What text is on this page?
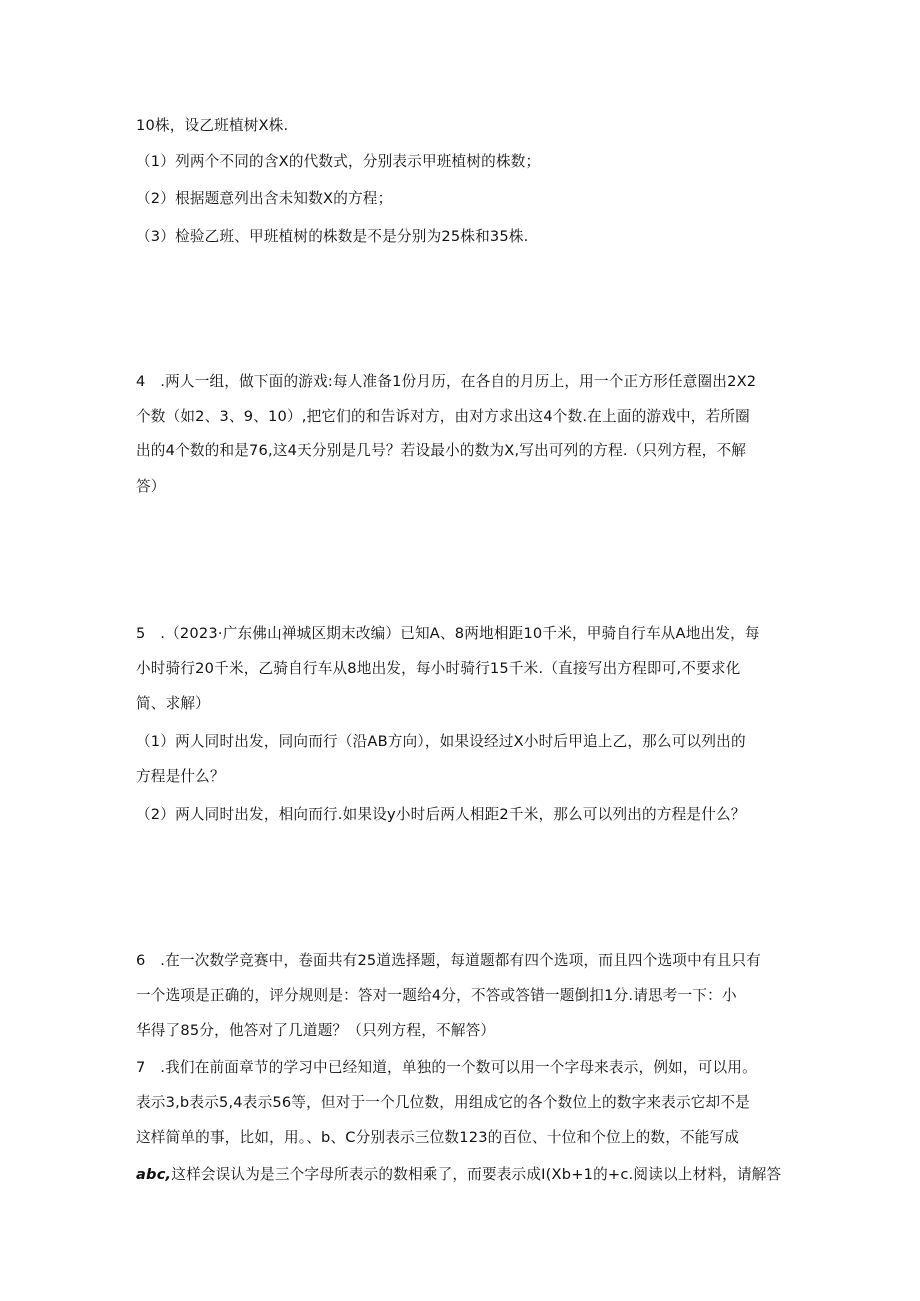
10株，设乙班植树X株.
（1）列两个不同的含X的代数式，分别表示甲班植树的株数；
（2）根据题意列出含未知数X的方程；
（3）检验乙班、甲班植树的株数是不是分别为25株和35株.
4　.两人一组，做下面的游戏:每人准备1份月历，在各自的月历上，用一个正方形任意圈出2X2
个数（如2、3、9、10）,把它们的和告诉对方，由对方求出这4个数.在上面的游戏中，若所圈
出的4个数的和是76,这4天分别是几号？若设最小的数为X,写出可列的方程.（只列方程，不解
答）
5　.（2023·广东佛山禅城区期末改编）已知A、8两地相距10千米，甲骑自行车从A地出发，每
小时骑行20千米，乙骑自行车从8地出发，每小时骑行15千米.（直接写出方程即可,不要求化
简、求解）
（1）两人同时出发，同向而行（沿AB方向），如果设经过X小时后甲追上乙，那么可以列出的
方程是什么？
（2）两人同时出发，相向而行.如果设y小时后两人相距2千米，那么可以列出的方程是什么？
6　.在一次数学竞赛中，卷面共有25道选择题，每道题都有四个选项，而且四个选项中有且只有
一个选项是正确的，评分规则是：答对一题给4分，不答或答错一题倒扣1分.请思考一下：小
华得了85分，他答对了几道题？（只列方程，不解答）
7　.我们在前面章节的学习中已经知道，单独的一个数可以用一个字母来表示，例如，可以用。
表示3,b表示5,4表示56等，但对于一个几位数，用组成它的各个数位上的数字来表示它却不是
这样简单的事，比如，用。、b、C分别表示三位数123的百位、十位和个位上的数，不能写成
abc,这样会误认为是三个字母所表示的数相乘了，而要表示成I(Xb+1的+c.阅读以上材料，请解答
